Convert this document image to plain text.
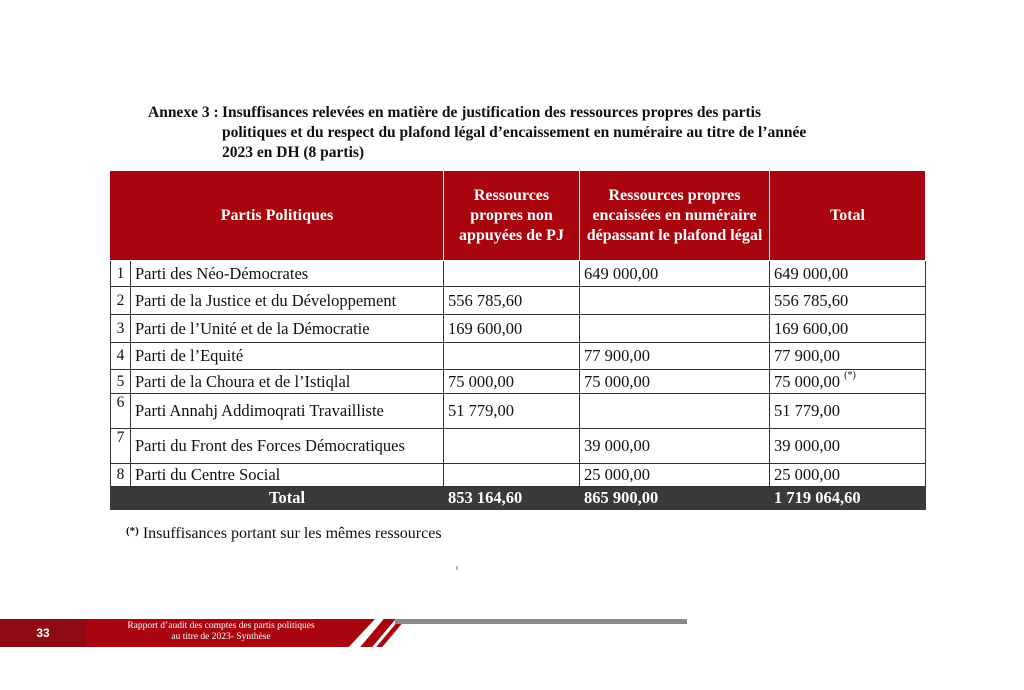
Annexe 3 : Insuffisances relevées en matière de justification des ressources propres des partis
politiques et du respect du plafond légal d’encaissement en numéraire au titre de l’année
2023 en DH (8 partis)
Partis Politiques		Ressources propres non appuyées de PJ	Ressources propres encaissées en numéraire dépassant le plafond légal	Total
1	Parti des Néo-Démocrates		649 000,00	649 000,00
2	Parti de la Justice et du Développement	556 785,60		556 785,60
3	Parti de l’Unité et de la Démocratie	169 600,00		169 600,00
4	Parti de l’Equité		77 900,00	77 900,00
5	Parti de la Choura et de l’Istiqlal	75 000,00	75 000,00	75 000,00 (*)
6	Parti Annahj Addimoqrati Travailliste	51 779,00		51 779,00
7	Parti du Front des Forces Démocratiques		39 000,00	39 000,00
8	Parti du Centre Social		25 000,00	25 000,00
	Total	853 164,60	865 900,00	1 719 064,60
(*) Insuffisances portant sur les mêmes ressources
33	Rapport d’audit des comptes des partis politiques
au titre de 2023- Synthèse
